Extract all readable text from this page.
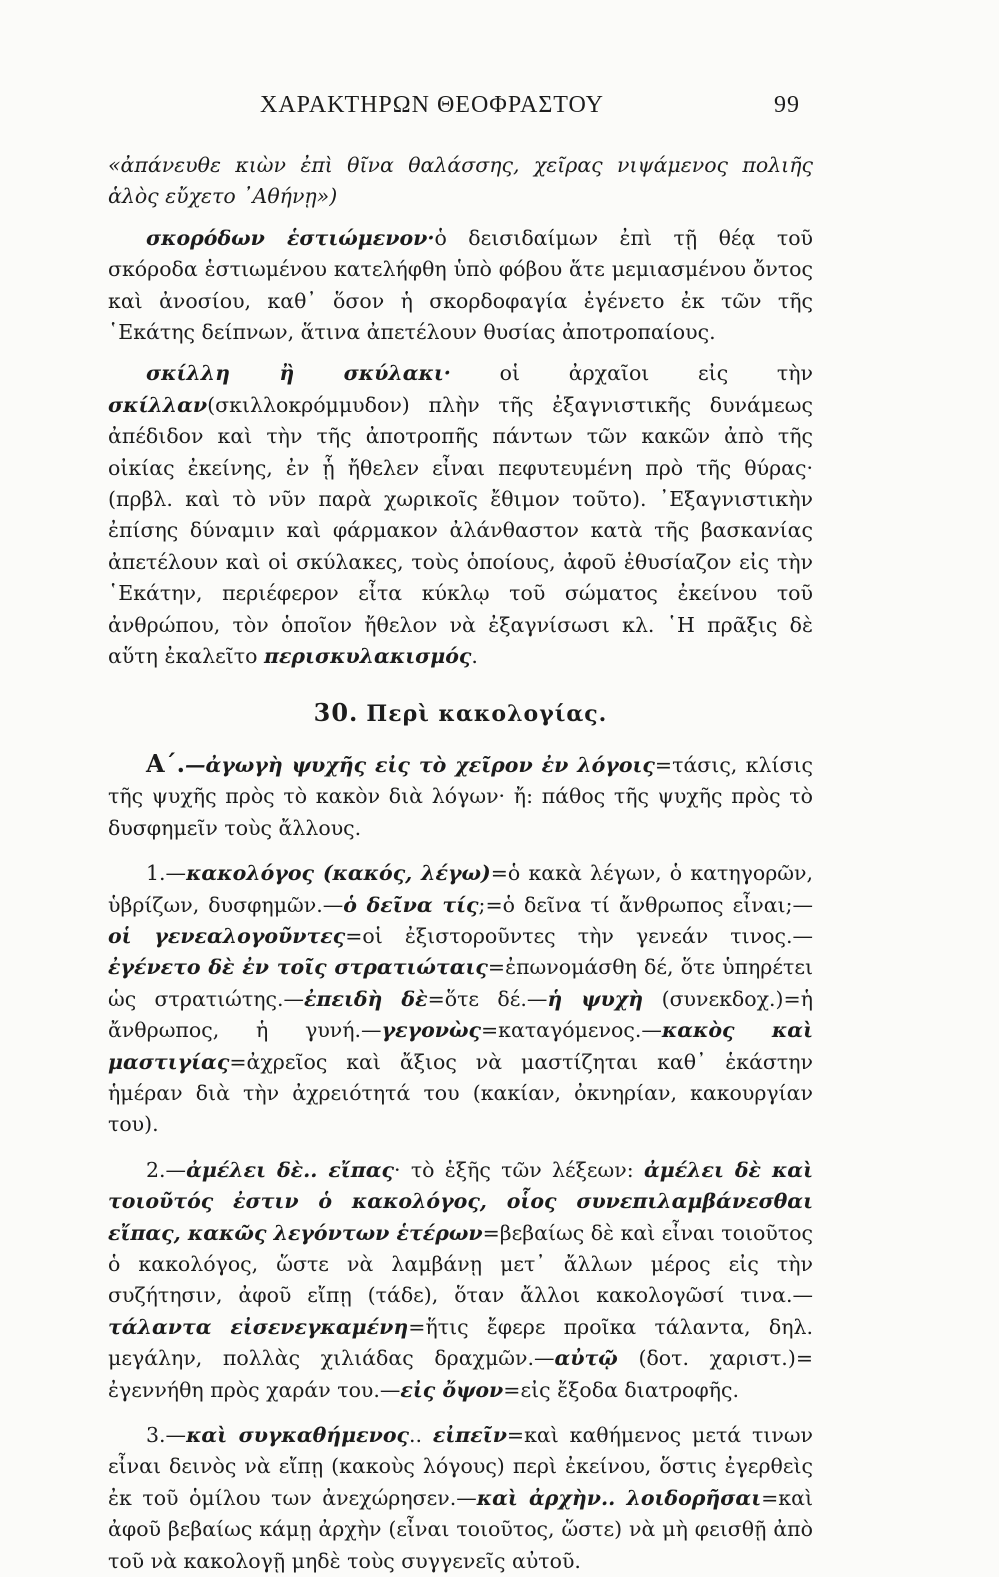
ΧΑΡΑΚΤΗΡΩΝ ΘΕΟΦΡΑΣΤΟΥ	99

«ἀπάνευθε κιὼν ἐπὶ θῖνα θαλάσσης, χεῖρας νιψάμενος πολιῆς ἁλὸς εὔχετο ᾿Αθήνῃ»)

σκορόδων ἑστιώμενον·ὁ δεισιδαίμων ἐπὶ τῇ θέᾳ τοῦ σκόροδα ἑστιωμένου κατελήφθη ὑπὸ φόβου ἅτε μεμιασμένου ὄντος καὶ ἀνοσίου, καθ᾿ ὅσον ἡ σκορδοφαγία ἐγένετο ἐκ τῶν τῆς ῾Εκάτης δείπνων, ἅτινα ἀπετέλουν θυσίας ἀποτροπαίους.

σκίλλη ἢ σκύλακι· οἱ ἀρχαῖοι εἰς τὴν σκίλλαν(σκιλλοκρόμμυδον) πλὴν τῆς ἐξαγνιστικῆς δυνάμεως ἀπέδιδον καὶ τὴν τῆς ἀποτροπῆς πάντων τῶν κακῶν ἀπὸ τῆς οἰκίας ἐκείνης, ἐν ᾗ ἤθελεν εἶναι πεφυτευμένη πρὸ τῆς θύρας· (πρβλ. καὶ τὸ νῦν παρὰ χωρικοῖς ἔθιμον τοῦτο). ᾿Εξαγνιστικὴν ἐπίσης δύναμιν καὶ φάρμακον ἀλάνθαστον κατὰ τῆς βασκανίας ἀπετέλουν καὶ οἱ σκύλακες, τοὺς ὁποίους, ἀφοῦ ἐθυσίαζον εἰς τὴν ῾Εκάτην, περιέφερον εἶτα κύκλῳ τοῦ σώματος ἐκείνου τοῦ ἀνθρώπου, τὸν ὁποῖον ἤθελον νὰ ἐξαγνίσωσι κλ. ῾Η πρᾶξις δὲ αὕτη ἐκαλεῖτο περισκυλακισμός.

30. Περὶ κακολογίας.

Α΄.—ἀγωγὴ ψυχῆς εἰς τὸ χεῖρον ἐν λόγοις=τάσις, κλίσις τῆς ψυχῆς πρὸς τὸ κακὸν διὰ λόγων· ἤ: πάθος τῆς ψυχῆς πρὸς τὸ δυσφημεῖν τοὺς ἄλλους.

1.—κακολόγος (κακός, λέγω)=ὁ κακὰ λέγων, ὁ κατηγορῶν, ὑβρίζων, δυσφημῶν.—ὁ δεῖνα τίς;=ὁ δεῖνα τί ἄνθρωπος εἶναι;—οἱ γενεαλογοῦντες=οἱ ἐξιστοροῦντες τὴν γενεάν τινος.—ἐγένετο δὲ ἐν τοῖς στρατιώταις=ἐπωνομάσθη δέ, ὅτε ὑπηρέτει ὡς στρατιώτης.—ἐπειδὴ δὲ=ὅτε δέ.—ἡ ψυχὴ (συνεκδοχ.)=ἡ ἄνθρωπος, ἡ γυνή.—γεγονὼς=καταγόμενος.—κακὸς καὶ μαστιγίας=ἀχρεῖος καὶ ἄξιος νὰ μαστίζηται καθ᾿ ἑκάστην ἡμέραν διὰ τὴν ἀχρειότητά του (κακίαν, ὀκνηρίαν, κακουργίαν του).

2.—ἀμέλει δὲ.. εἴπας· τὸ ἑξῆς τῶν λέξεων: ἀμέλει δὲ καὶ τοιοῦτός ἐστιν ὁ κακολόγος, οἷος συνεπιλαμβάνεσθαι εἴπας, κακῶς λεγόντων ἑτέρων=βεβαίως δὲ καὶ εἶναι τοιοῦτος ὁ κακολόγος, ὥστε νὰ λαμβάνῃ μετ᾿ ἄλλων μέρος εἰς τὴν συζήτησιν, ἀφοῦ εἴπῃ (τάδε), ὅταν ἄλλοι κακολογῶσί τινα.—τάλαντα εἰσενεγκαμένη=ἥτις ἔφερε προῖκα τάλαντα, δηλ. μεγάλην, πολλὰς χιλιάδας δραχμῶν.—αὐτῷ (δοτ. χαριστ.)= ἐγεννήθη πρὸς χαράν του.—εἰς ὄψον=εἰς ἔξοδα διατροφῆς.

3.—καὶ συγκαθήμενος.. εἰπεῖν=καὶ καθήμενος μετά τινων εἶναι δεινὸς νὰ εἴπῃ (κακοὺς λόγους) περὶ ἐκείνου, ὅστις ἐγερθεὶς ἐκ τοῦ ὁμίλου των ἀνεχώρησεν.—καὶ ἀρχὴν.. λοιδορῆσαι=καὶ ἀφοῦ βεβαίως κάμῃ ἀρχὴν (εἶναι τοιοῦτος, ὥστε) νὰ μὴ φεισθῇ ἀπὸ τοῦ νὰ κακολογῇ μηδὲ τοὺς συγγενεῖς αὐτοῦ.
